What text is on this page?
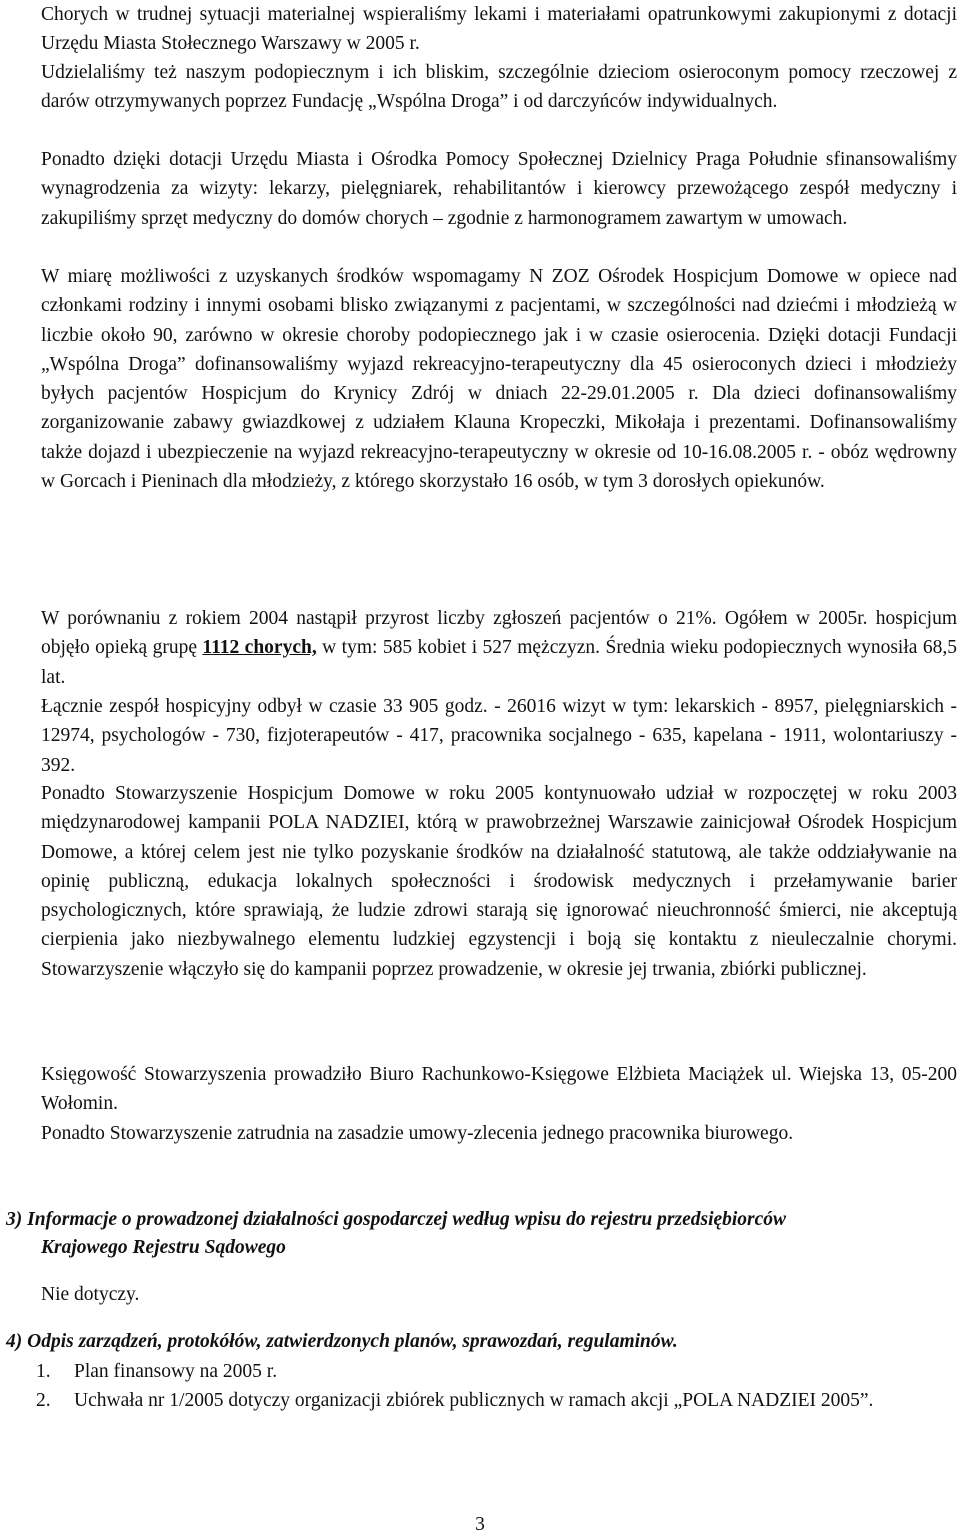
Chorych w trudnej sytuacji materialnej wspieraliśmy lekami i materiałami opatrunkowymi zakupionymi z dotacji Urzędu Miasta Stołecznego Warszawy w 2005 r.

Udzielaliśmy też naszym podopiecznym i ich bliskim, szczególnie dzieciom osieroconym pomocy rzeczowej z darów otrzymywanych poprzez Fundację „Wspólna Droga” i od darczyńców indywidualnych.

Ponadto dzięki dotacji Urzędu Miasta i Ośrodka Pomocy Społecznej Dzielnicy Praga Południe sfinansowaliśmy wynagrodzenia za wizyty: lekarzy, pielęgniarek, rehabilitantów i kierowcy przewożącego zespół medyczny i zakupiliśmy sprzęt medyczny do domów chorych – zgodnie z harmonogramem zawartym w umowach.

W miarę możliwości z uzyskanych środków wspomagamy N ZOZ Ośrodek Hospicjum Domowe w opiece nad członkami rodziny i innymi osobami blisko związanymi z pacjentami, w szczególności nad dziećmi i młodzieżą w liczbie około 90, zarówno w okresie choroby podopiecznego jak i w czasie osierocenia. Dzięki dotacji Fundacji „Wspólna Droga” dofinansowaliśmy wyjazd rekreacyjno-terapeutyczny dla 45 osieroconych dzieci i młodzieży byłych pacjentów Hospicjum do Krynicy Zdrój w dniach 22-29.01.2005 r. Dla dzieci dofinansowaliśmy zorganizowanie zabawy gwiazdkowej z udziałem Klauna Kropeczki, Mikołaja i prezentami. Dofinansowaliśmy także dojazd i ubezpieczenie na wyjazd rekreacyjno-terapeutyczny w okresie od 10-16.08.2005 r. - obóz wędrowny w Gorcach i Pieninach dla młodzieży, z którego skorzystało 16 osób, w tym 3 dorosłych opiekunów.

W porównaniu z rokiem 2004 nastąpił przyrost liczby zgłoszeń pacjentów o 21%. Ogółem w 2005r. hospicjum objęło opieką grupę 1112 chorych, w tym: 585 kobiet i 527 mężczyzn. Średnia wieku podopiecznych wynosiła 68,5 lat.

Łącznie zespół hospicyjny odbył w czasie 33 905 godz. - 26016 wizyt w tym: lekarskich - 8957, pielęgniarskich - 12974, psychologów - 730, fizjoterapeutów - 417, pracownika socjalnego - 635, kapelana - 1911, wolontariuszy - 392.

Ponadto Stowarzyszenie Hospicjum Domowe w roku 2005 kontynuowało udział w rozpoczętej w roku 2003 międzynarodowej kampanii POLA NADZIEI, którą w prawobrzeżnej Warszawie zainicjował Ośrodek Hospicjum Domowe, a której celem jest nie tylko pozyskanie środków na działalność statutową, ale także oddziaływanie na opinię publiczną, edukacja lokalnych społeczności i środowisk medycznych i przełamywanie barier psychologicznych, które sprawiają, że ludzie zdrowi starają się ignorować nieuchronność śmierci, nie akceptują cierpienia jako niezbywalnego elementu ludzkiej egzystencji i boją się kontaktu z nieuleczalnie chorymi. Stowarzyszenie włączyło się do kampanii poprzez prowadzenie, w okresie jej trwania, zbiórki publicznej.

Księgowość Stowarzyszenia prowadziło Biuro Rachunkowo-Księgowe Elżbieta Maciążek ul. Wiejska 13, 05-200 Wołomin.

Ponadto Stowarzyszenie zatrudnia na zasadzie umowy-zlecenia jednego pracownika biurowego.

3) Informacje o prowadzonej działalności gospodarczej według wpisu do rejestru przedsiębiorców
Krajowego Rejestru Sądowego

Nie dotyczy.

4) Odpis zarządzeń, protokółów, zatwierdzonych planów, sprawozdań, regulaminów.
1. Plan finansowy na 2005 r.
2. Uchwała nr 1/2005 dotyczy organizacji zbiórek publicznych w ramach akcji „POLA NADZIEI 2005”.
3
